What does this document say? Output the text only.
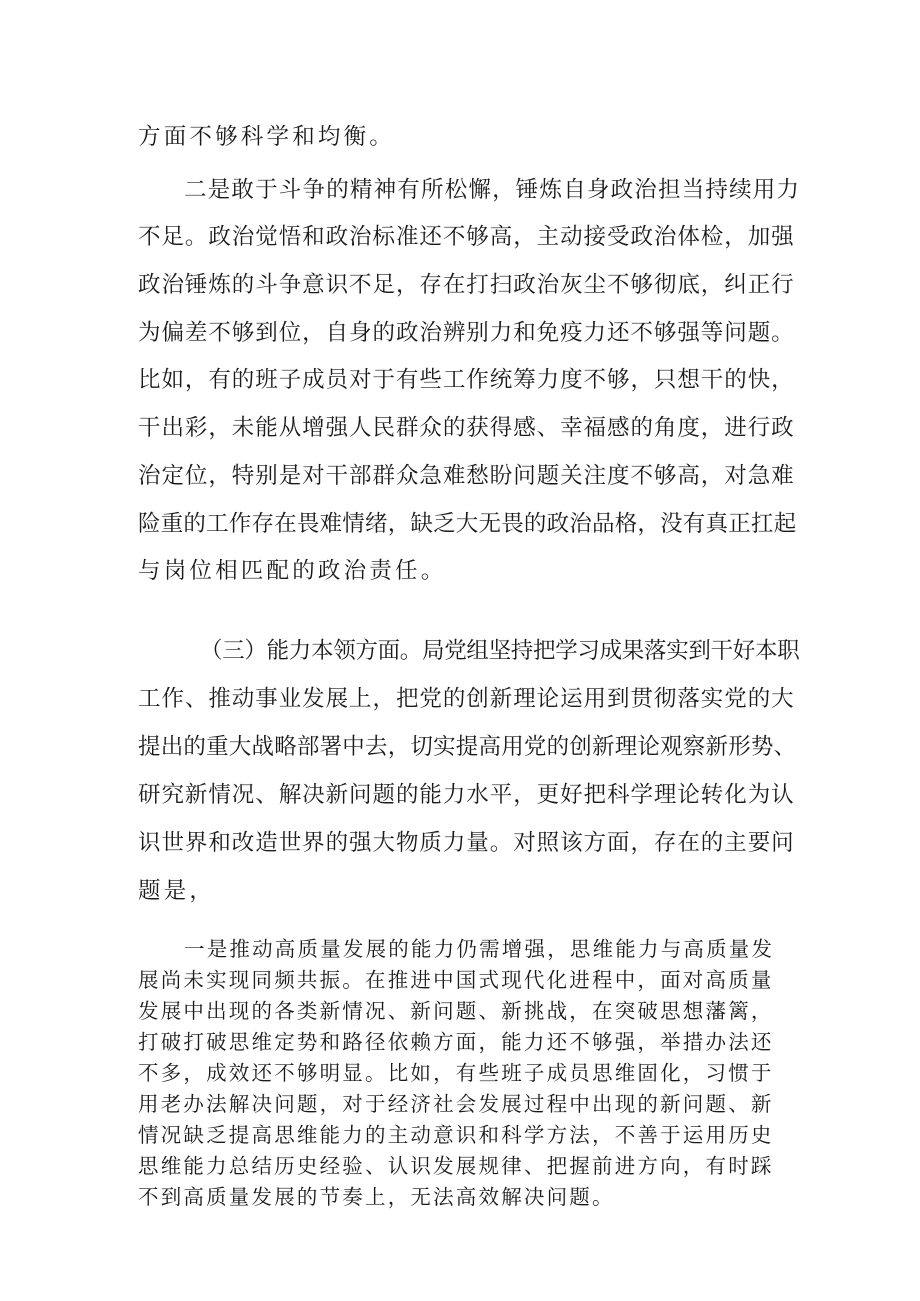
方面不够科学和均衡。
二是敢于斗争的精神有所松懈，锤炼自身政治担当持续用力
不足。政治觉悟和政治标准还不够高，主动接受政治体检，加强
政治锤炼的斗争意识不足，存在打扫政治灰尘不够彻底，纠正行
为偏差不够到位，自身的政治辨别力和免疫力还不够强等问题。
比如，有的班子成员对于有些工作统筹力度不够，只想干的快，
干出彩，未能从增强人民群众的获得感、幸福感的角度，进行政
治定位，特别是对干部群众急难愁盼问题关注度不够高，对急难
险重的工作存在畏难情绪，缺乏大无畏的政治品格，没有真正扛起
与岗位相匹配的政治责任。
（三）能力本领方面。局党组坚持把学习成果落实到干好本职
工作、推动事业发展上，把党的创新理论运用到贯彻落实党的大
提出的重大战略部署中去，切实提高用党的创新理论观察新形势、
研究新情况、解决新问题的能力水平，更好把科学理论转化为认
识世界和改造世界的强大物质力量。对照该方面，存在的主要问
题是，
一是推动高质量发展的能力仍需增强，思维能力与高质量发
展尚未实现同频共振。在推进中国式现代化进程中，面对高质量
发展中出现的各类新情况、新问题、新挑战，在突破思想藩篱，
打破打破思维定势和路径依赖方面，能力还不够强，举措办法还
不多，成效还不够明显。比如，有些班子成员思维固化，习惯于
用老办法解决问题，对于经济社会发展过程中出现的新问题、新
情况缺乏提高思维能力的主动意识和科学方法，不善于运用历史
思维能力总结历史经验、认识发展规律、把握前进方向，有时踩
不到高质量发展的节奏上，无法高效解决问题。
